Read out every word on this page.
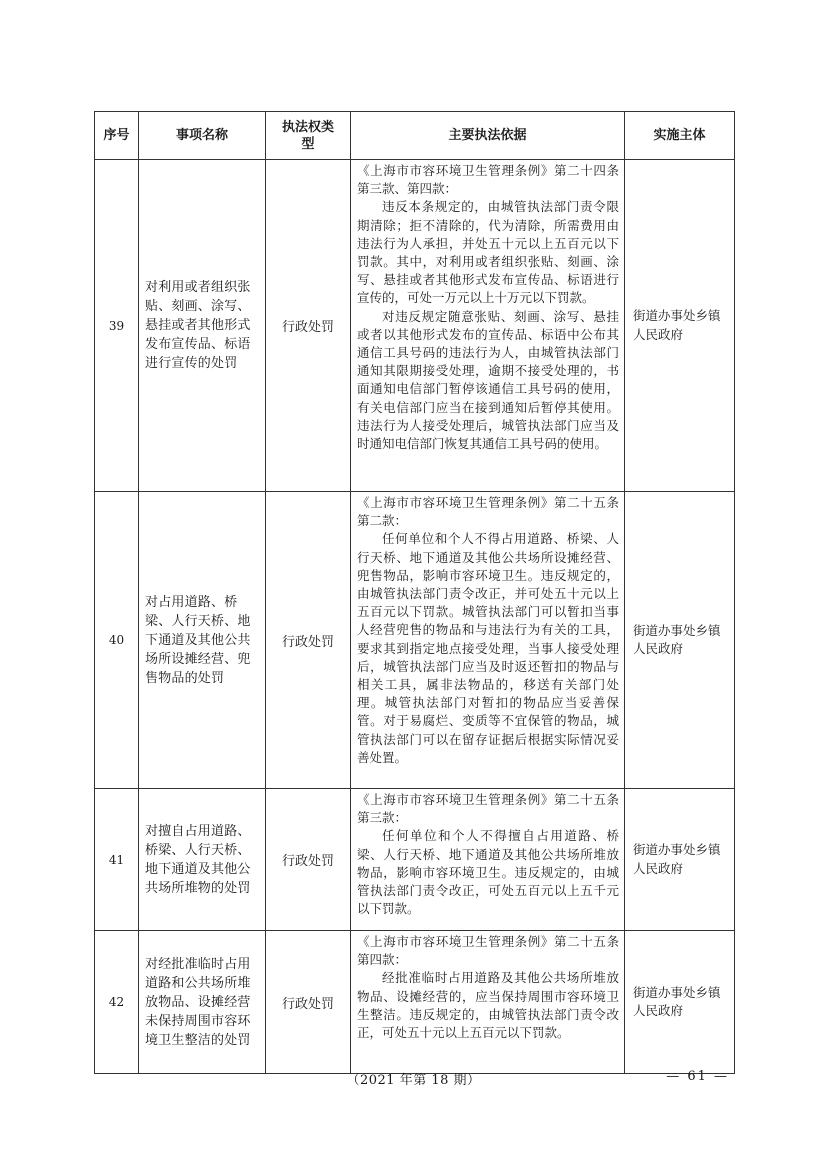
序号	事项名称	执法权类型	主要执法依据	实施主体
39	对利用或者组织张贴、刻画、涂写、悬挂或者其他形式发布宣传品、标语进行宣传的处罚	行政处罚	《上海市市容环境卫生管理条例》第二十四条第三款、第四款：

违反本条规定的，由城管执法部门责令限期清除；拒不清除的，代为清除，所需费用由违法行为人承担，并处五十元以上五百元以下罚款。其中，对利用或者组织张贴、刻画、涂写、悬挂或者其他形式发布宣传品、标语进行宣传的，可处一万元以上十万元以下罚款。

对违反规定随意张贴、刻画、涂写、悬挂或者以其他形式发布的宣传品、标语中公布其通信工具号码的违法行为人，由城管执法部门通知其限期接受处理，逾期不接受处理的，书面通知电信部门暂停该通信工具号码的使用，有关电信部门应当在接到通知后暂停其使用。违法行为人接受处理后，城管执法部门应当及时通知电信部门恢复其通信工具号码的使用。	街道办事处乡镇人民政府
40	对占用道路、桥梁、人行天桥、地下通道及其他公共场所设摊经营、兜售物品的处罚	行政处罚	《上海市市容环境卫生管理条例》第二十五条第二款：

任何单位和个人不得占用道路、桥梁、人行天桥、地下通道及其他公共场所设摊经营、兜售物品，影响市容环境卫生。违反规定的，由城管执法部门责令改正，并可处五十元以上五百元以下罚款。城管执法部门可以暂扣当事人经营兜售的物品和与违法行为有关的工具，要求其到指定地点接受处理，当事人接受处理后，城管执法部门应当及时返还暂扣的物品与相关工具，属非法物品的，移送有关部门处理。城管执法部门对暂扣的物品应当妥善保管。对于易腐烂、变质等不宜保管的物品，城管执法部门可以在留存证据后根据实际情况妥善处置。	街道办事处乡镇人民政府
41	对擅自占用道路、桥梁、人行天桥、地下通道及其他公共场所堆物的处罚	行政处罚	《上海市市容环境卫生管理条例》第二十五条第三款：

任何单位和个人不得擅自占用道路、桥梁、人行天桥、地下通道及其他公共场所堆放物品，影响市容环境卫生。违反规定的，由城管执法部门责令改正，可处五百元以上五千元以下罚款。	街道办事处乡镇人民政府
42	对经批准临时占用道路和公共场所堆放物品、设摊经营未保持周围市容环境卫生整洁的处罚	行政处罚	《上海市市容环境卫生管理条例》第二十五条第四款：

经批准临时占用道路及其他公共场所堆放物品、设摊经营的，应当保持周围市容环境卫生整洁。违反规定的，由城管执法部门责令改正，可处五十元以上五百元以下罚款。	街道办事处乡镇人民政府
（2021 年第 18 期）	— 61 —
